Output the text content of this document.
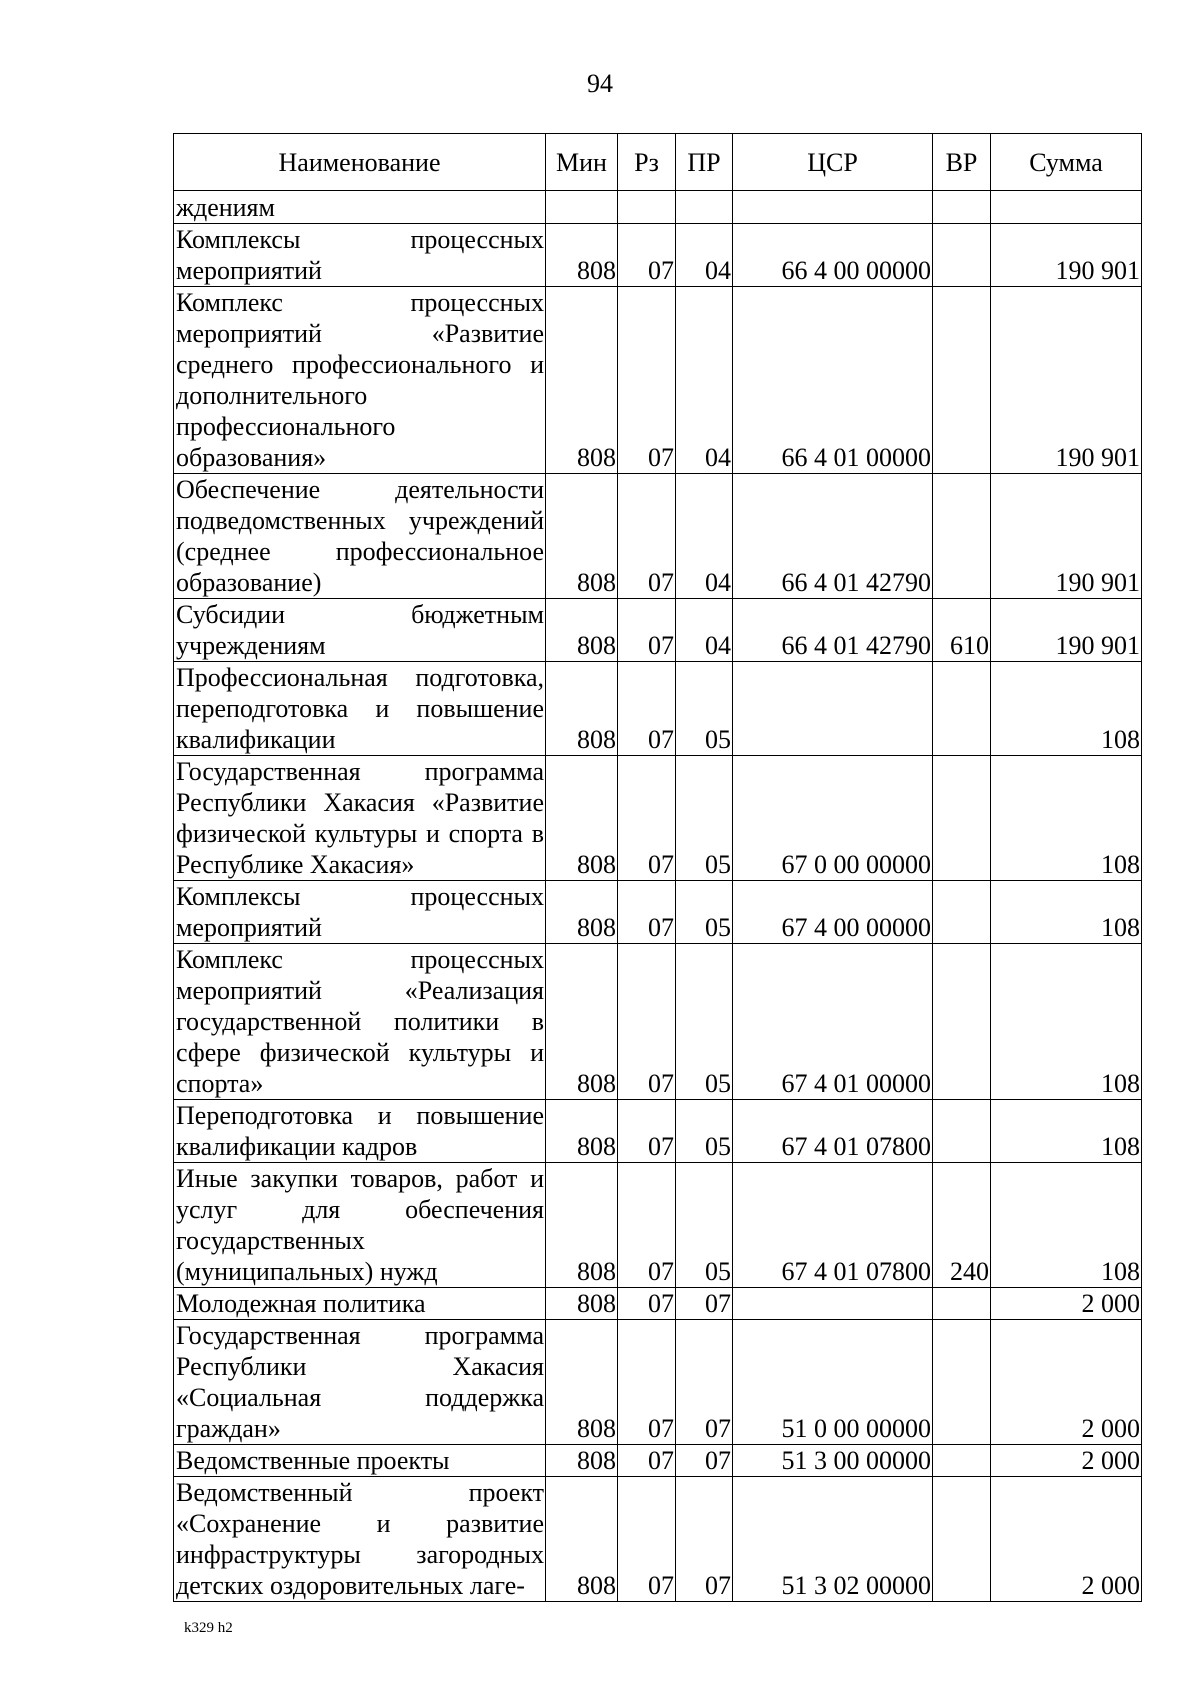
94
Наименование	Мин	Рз	ПР	ЦСР	ВР	Сумма
ждениям						
Комплексы процессных мероприятий	808	07	04	66 4 00 00000		190 901
Комплекс процессных мероприятий «Развитие среднего профессионального и дополнительного профессионального образования»	808	07	04	66 4 01 00000		190 901
Обеспечение деятельности подведомственных учреждений (среднее профессиональное образование)	808	07	04	66 4 01 42790		190 901
Субсидии бюджетным учреждениям	808	07	04	66 4 01 42790	610	190 901
Профессиональная подготовка, переподготовка и повышение квалификации	808	07	05			108
Государственная программа Республики Хакасия «Развитие физической культуры и спорта в Республике Хакасия»	808	07	05	67 0 00 00000		108
Комплексы процессных мероприятий	808	07	05	67 4 00 00000		108
Комплекс процессных мероприятий «Реализация государственной политики в сфере физической культуры и спорта»	808	07	05	67 4 01 00000		108
Переподготовка и повышение квалификации кадров	808	07	05	67 4 01 07800		108
Иные закупки товаров, работ и услуг для обеспечения государственных (муниципальных) нужд	808	07	05	67 4 01 07800	240	108
Молодежная политика	808	07	07			2 000
Государственная программа Республики Хакасия «Социальная поддержка граждан»	808	07	07	51 0 00 00000		2 000
Ведомственные проекты	808	07	07	51 3 00 00000		2 000
Ведомственный проект «Сохранение и развитие инфраструктуры загородных детских оздоровительных лаге-	808	07	07	51 3 02 00000		2 000
k329 h2
